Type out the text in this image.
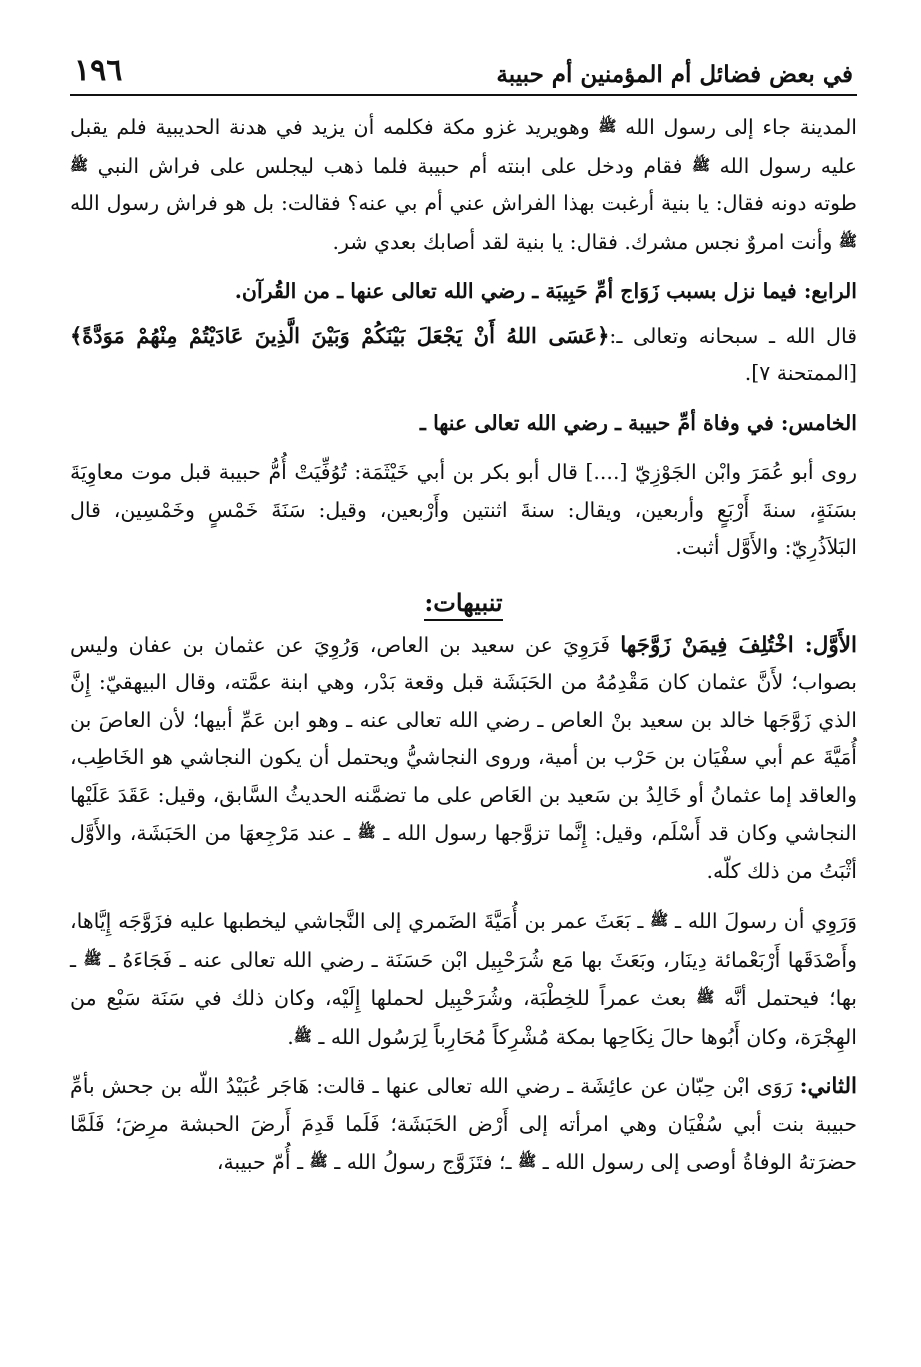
في بعض فضائل أم المؤمنين أم حبيبة
١٩٦

المدينة جاء إلى رسول الله ﷺ وهويريد غزو مكة فكلمه أن يزيد في هدنة الحديبية فلم يقبل عليه رسول الله ﷺ فقام ودخل على ابنته أم حبيبة فلما ذهب ليجلس على فراش النبي ﷺ طوته دونه فقال: يا بنية أرغبت بهذا الفراش عني أم بي عنه؟ فقالت: بل هو فراش رسول الله ﷺ وأنت امروٌ نجس مشرك. فقال: يا بنية لقد أصابك بعدي شر.

الرابع: فيما نزل بسبب زَوَاج أمِّ حَبِيبَة ـ رضي الله تعالى عنها ـ من القُرآن.

قال الله ـ سبحانه وتعالى ـ:﴿عَسَى اللهُ أَنْ يَجْعَلَ بَيْنَكُمْ وَبَيْنَ الَّذِينَ عَادَيْتُمْ مِنْهُمْ مَوَدَّةً﴾ [الممتحنة ٧].

الخامس: في وفاة أمِّ حبيبة ـ رضي الله تعالى عنها ـ

روى أبو عُمَرَ وابْن الجَوْزِيّ [....] قال أبو بكر بن أبي خَيْثَمَة: تُوُفِّيَتْ أُمُّ حبيبة قبل موت معاوِيَةَ بسَنَةٍ، سنةَ أَرْبَعٍ وأربعين، ويقال: سنةَ اثنتين وأَرْبعين، وقيل: سَنَةَ خَمْسٍ وخَمْسِين، قال البَلاَذُرِيّ: والأَوَّل أثبت.

تنبيهات:

الأَوَّل: اخْتُلِفَ فِيمَنْ زَوَّجَها فَرَوِيَ عن سعيد بن العاص، وَرُوِيَ عن عثمان بن عفان وليس بصواب؛ لأَنَّ عثمان كان مَقْدِمُهُ من الحَبَشَة قبل وقعة بَدْر، وهي ابنة عمَّته، وقال البيهقيّ: إِنَّ الذي زَوَّجَها خالد بن سعيد بنْ العاص ـ رضي الله تعالى عنه ـ وهو ابن عَمِّ أبيها؛ لأن العاصَ بن أُمَيَّةَ عم أبي سفْيَان بن حَرْب بن أمية، وروى النجاشيُّ ويحتمل أن يكون النجاشي هو الخَاطِب، والعاقد إما عثمانُ أو خَالِدُ بن سَعيد بن العَاص على ما تضمَّنه الحديثُ السَّابق، وقيل: عَقَدَ عَلَيْها النجاشي وكان قد أَسْلَم، وقيل: إِنَّما تزوَّجها رسول الله ـ ﷺ ـ عند مَرْجِعهَا من الحَبَشَة، والأَوَّل أثْبَتُ من ذلك كلّه.

وَرَوِي أن رسولَ الله ـ ﷺ ـ بَعَثَ عمر بن أُمَيَّةَ الضَمري إلى النَّجاشي ليخطبها عليه فزَوَّجَه إِيَّاها، وأَصْدَقَها أَرْبَعْمائة دِينَار، وبَعَثَ بها مَع شُرَحْبِيل ابْن حَسَنَة ـ رضي الله تعالى عنه ـ فَجَاءَهُ ـ ﷺ ـ بها؛ فيحتمل أنَّه ﷺ بعث عمراً للخِطْبَة، وشُرَحْبِيل لحملها إِلَيْه، وكان ذلك في سَنَة سَبْع من الهِجْرَة، وكان أَبُوها حالَ نِكَاحِها بمكة مُشْرِكاً مُحَارِباً لِرَسُول الله ـ ﷺ.

الثاني: رَوَى ابْن حِبّان عن عائِشَة ـ رضي الله تعالى عنها ـ قالت: هَاجَر عُبَيْدُ اللّه بن جحش بأمِّ حبيبة بنت أبي سُفْيَان وهي امرأته إلى أَرْض الحَبَشَة؛ فَلَما قَدِمَ أَرضَ الحبشة مرِضَ؛ فَلَمَّا حضرَتهُ الوفاةُ أوصى إلى رسول الله ـ ﷺ ـ؛ فتَزَوَّج رسولُ الله ـ ﷺ ـ أُمّ حبيبة،
